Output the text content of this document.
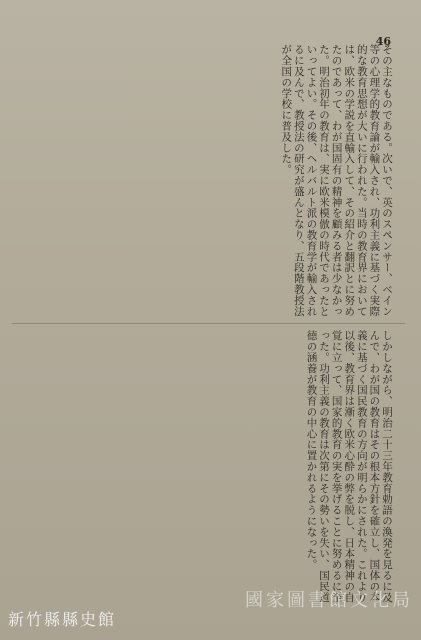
46
その主なものである。次いで、英のスペンサー、ベイン等の心理学的教育論が輸入され、功利主義に基づく実際的な教育思想が大いに行われた。当時の教育界においては、欧米の学説を直輸入して、その紹介と翻訳とに努めたのであって、わが国固有の精神を顧みる者は少なかった。明治初年の教育は、実に欧米模倣の時代であったといってよい。その後、ヘルバルト派の教育学が輸入されるに及んで、教授法の研究が盛んとなり、五段階教授法が全国の学校に普及した。
しかしながら、明治二十三年教育勅語の渙発を見るに及んで、わが国の教育はその根本方針を確立し、国体の本義に基づく国民教育の方向が明らかにされた。これより以後、教育界は漸く欧米心酔の弊を脱し、日本精神の自覚に立って、国家的教育の実を挙げることに努めるに至った。功利主義の教育は次第にその勢いを失い、国民道徳の涵養が教育の中心に置かれるようになった。
國家圖書館文化局
新竹縣縣史館
